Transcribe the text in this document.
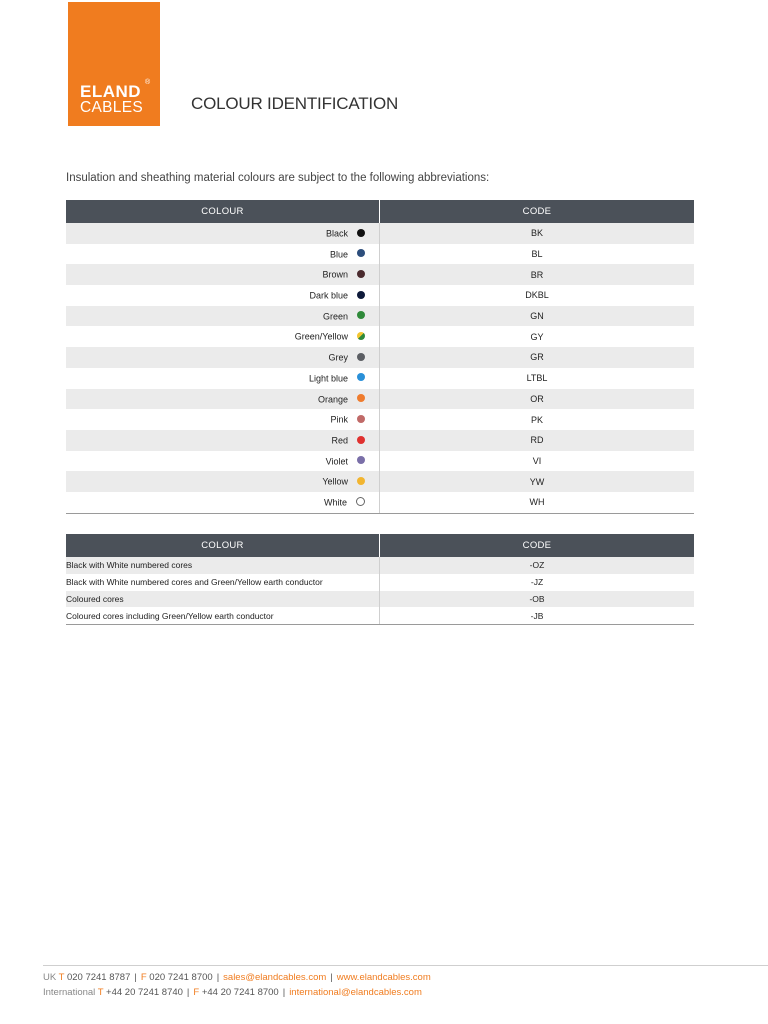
ELAND ®
CABLES	COLOUR IDENTIFICATION
Insulation and sheathing material colours are subject to the following abbreviations:
COLOUR	CODE
Black	BK
Blue	BL
Brown	BR
Dark blue	DKBL
Green	GN
Green/Yellow	GY
Grey	GR
Light blue	LTBL
Orange	OR
Pink	PK
Red	RD
Violet	VI
Yellow	YW
White	WH
COLOUR	CODE
Black with White numbered cores	-OZ
Black with White numbered cores and Green/Yellow earth conductor	-JZ
Coloured cores	-OB
Coloured cores including Green/Yellow earth conductor	-JB
UK T 020 7241 8787 | F 020 7241 8700 | sales@elandcables.com | www.elandcables.com
International T +44 20 7241 8740 | F +44 20 7241 8700 | international@elandcables.com
